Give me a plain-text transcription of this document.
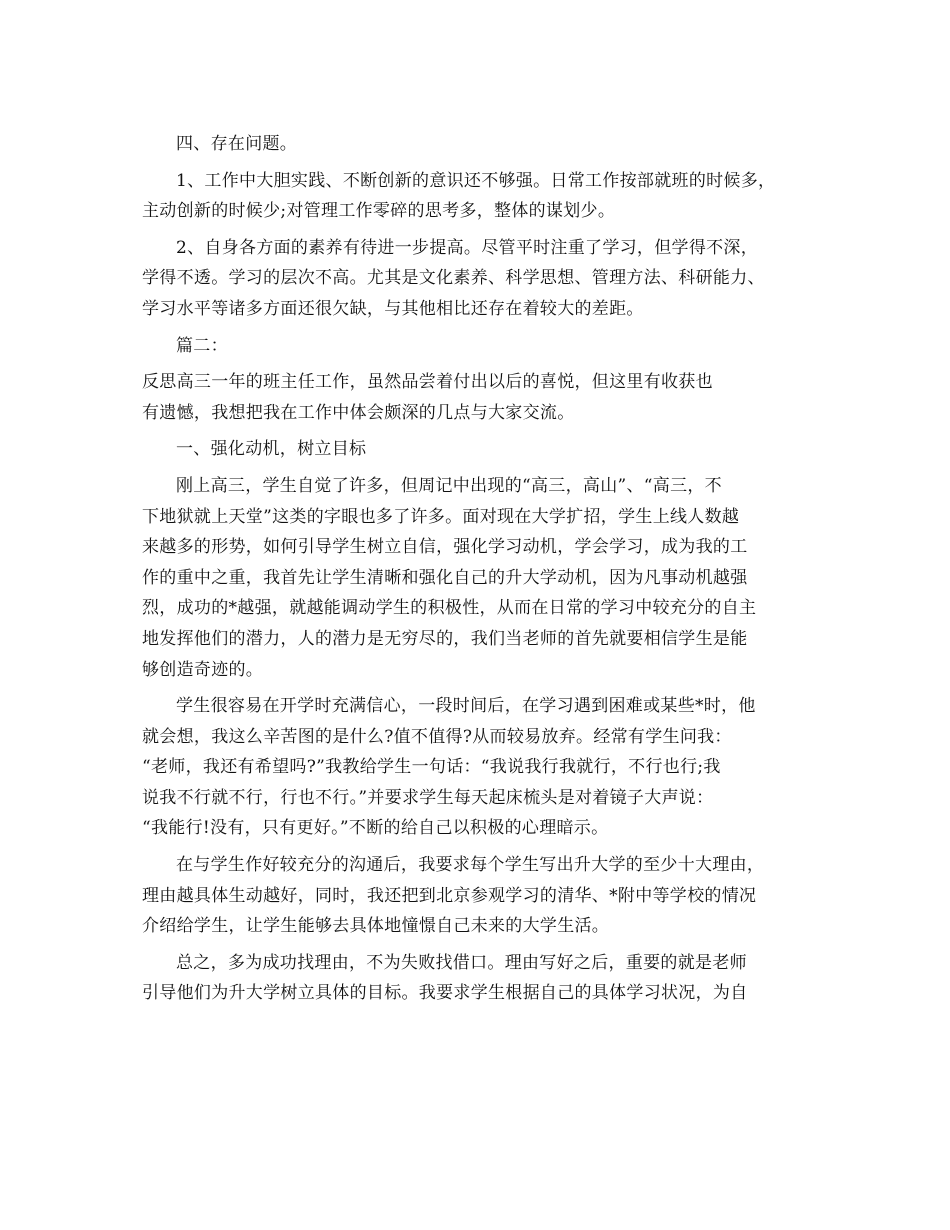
四、存在问题。
1、工作中大胆实践、不断创新的意识还不够强。日常工作按部就班的时候多，
主动创新的时候少;对管理工作零碎的思考多，整体的谋划少。
2、自身各方面的素养有待进一步提高。尽管平时注重了学习，但学得不深，
学得不透。学习的层次不高。尤其是文化素养、科学思想、管理方法、科研能力、
学习水平等诸多方面还很欠缺，与其他相比还存在着较大的差距。
篇二：
反思高三一年的班主任工作，虽然品尝着付出以后的喜悦，但这里有收获也
有遗憾，我想把我在工作中体会颇深的几点与大家交流。
一、强化动机，树立目标
刚上高三，学生自觉了许多，但周记中出现的“高三，高山”、“高三，不
下地狱就上天堂”这类的字眼也多了许多。面对现在大学扩招，学生上线人数越
来越多的形势，如何引导学生树立自信，强化学习动机，学会学习，成为我的工
作的重中之重，我首先让学生清晰和强化自己的升大学动机，因为凡事动机越强
烈，成功的*越强，就越能调动学生的积极性，从而在日常的学习中较充分的自主
地发挥他们的潜力，人的潜力是无穷尽的，我们当老师的首先就要相信学生是能
够创造奇迹的。
学生很容易在开学时充满信心，一段时间后，在学习遇到困难或某些*时，他
就会想，我这么辛苦图的是什么?值不值得?从而较易放弃。经常有学生问我：
“老师，我还有希望吗?”我教给学生一句话：“我说我行我就行，不行也行;我
说我不行就不行，行也不行。”并要求学生每天起床梳头是对着镜子大声说：
“我能行!没有，只有更好。”不断的给自己以积极的心理暗示。
在与学生作好较充分的沟通后，我要求每个学生写出升大学的至少十大理由，
理由越具体生动越好，同时，我还把到北京参观学习的清华、*附中等学校的情况
介绍给学生，让学生能够去具体地憧憬自己未来的大学生活。
总之，多为成功找理由，不为失败找借口。理由写好之后，重要的就是老师
引导他们为升大学树立具体的目标。我要求学生根据自己的具体学习状况，为自
